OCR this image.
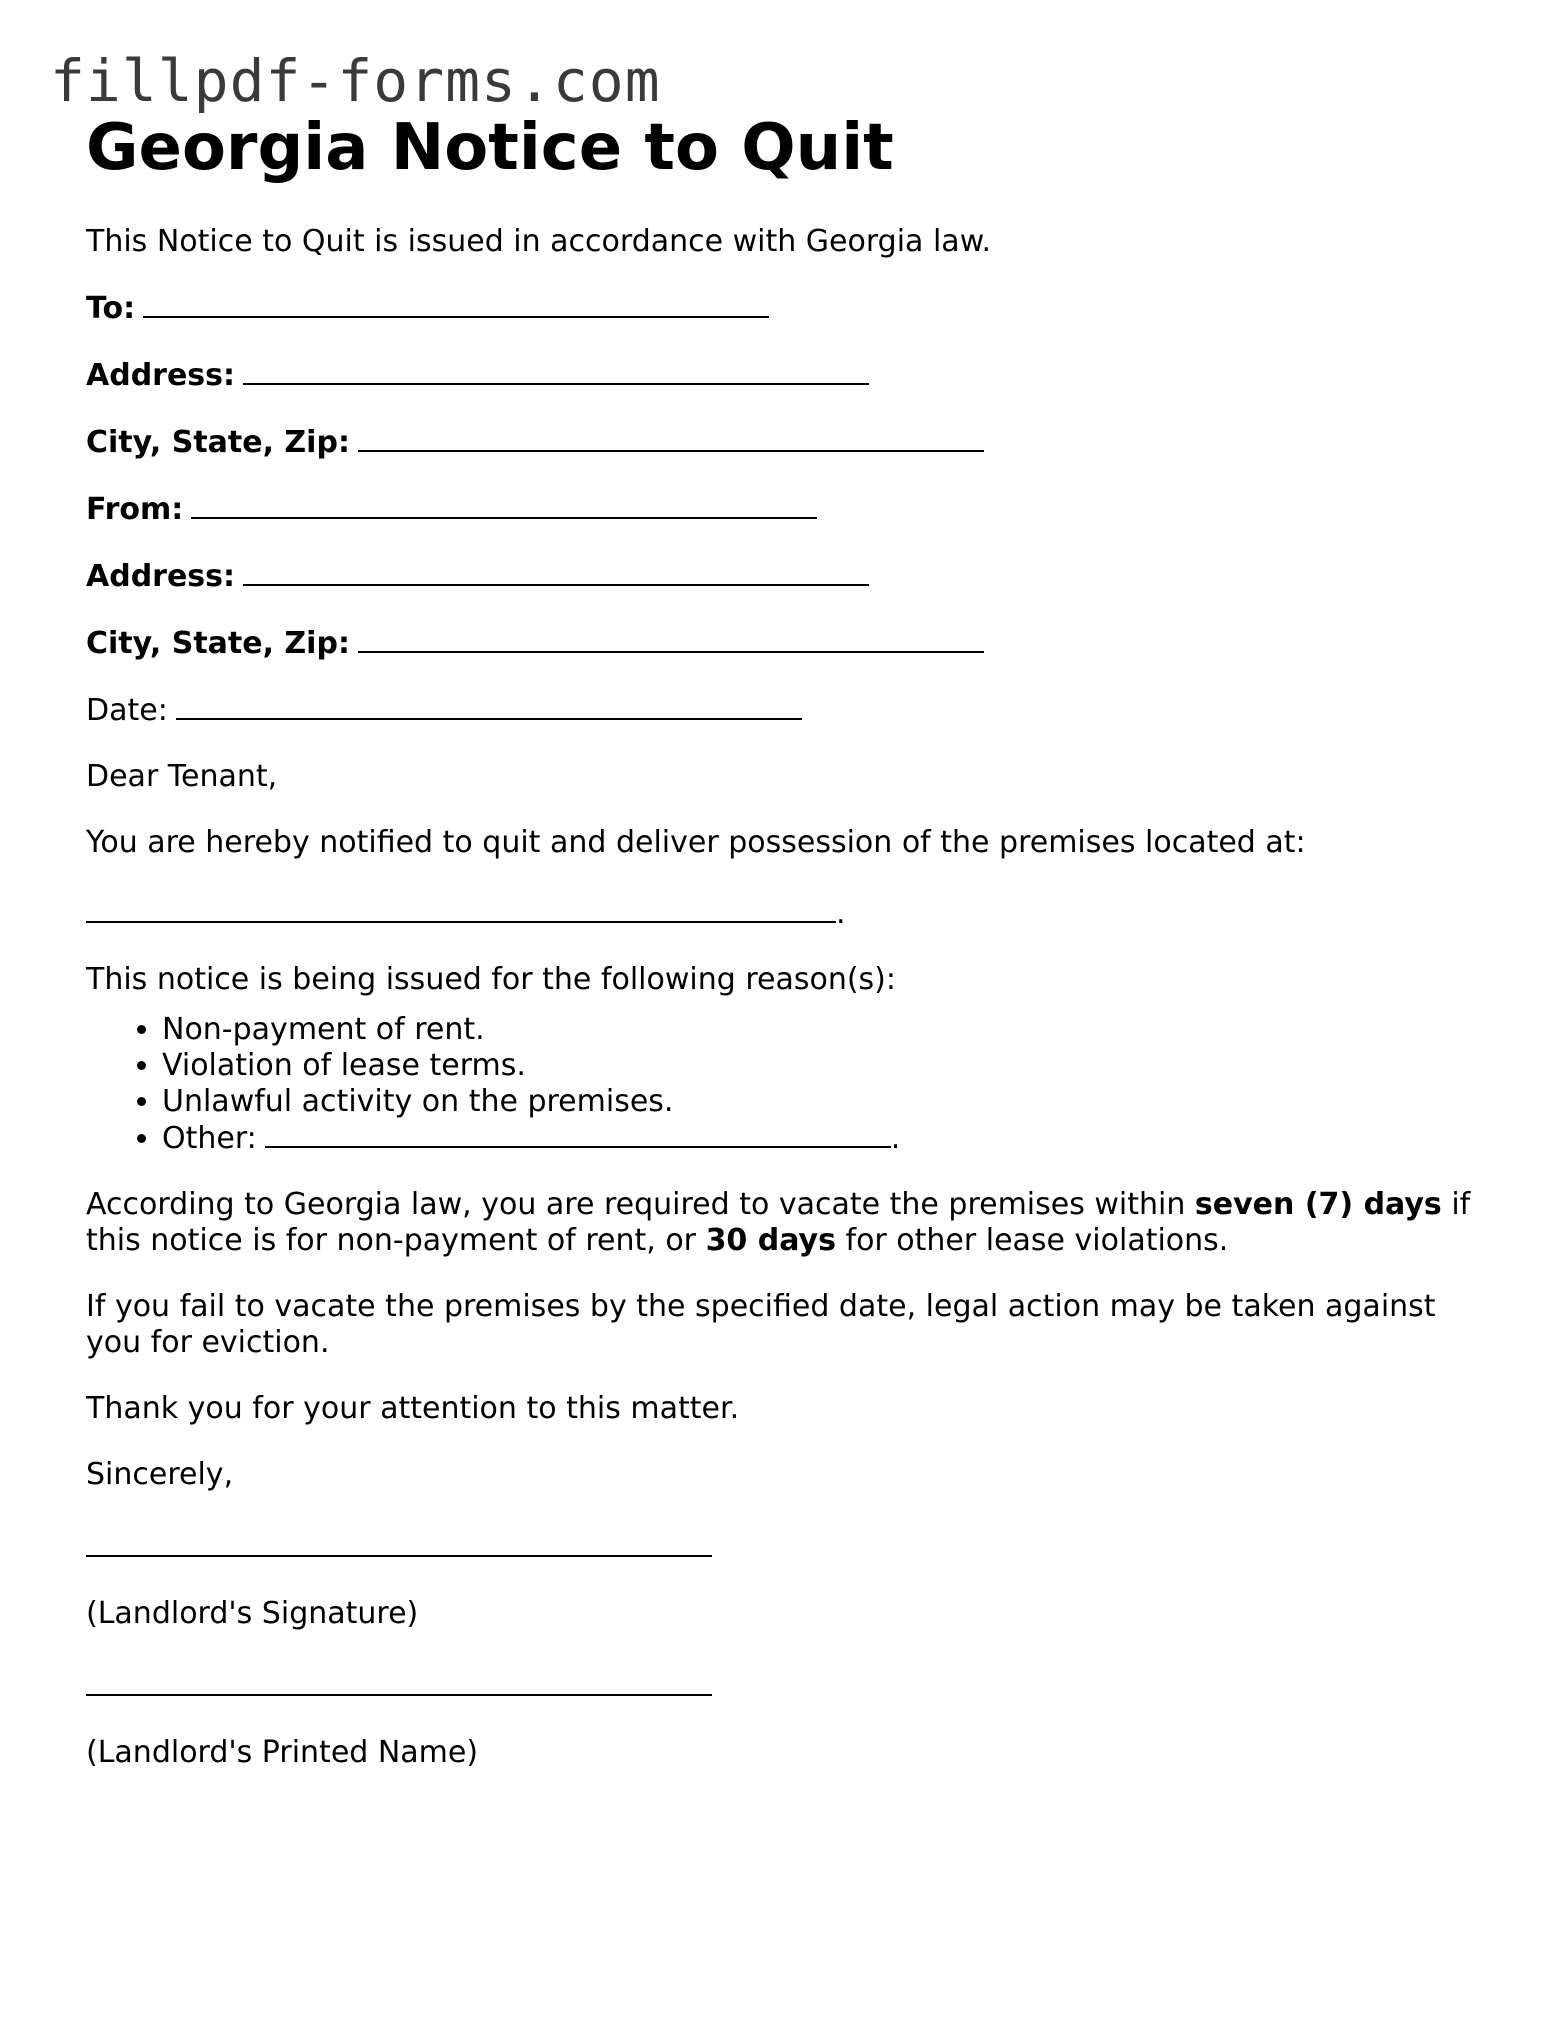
fillpdf-forms.com
Georgia Notice to Quit

This Notice to Quit is issued in accordance with Georgia law.

To:

Address:

City, State, Zip:

From:

Address:

City, State, Zip:

Date:

Dear Tenant,

You are hereby notified to quit and deliver possession of the premises located at:

.

This notice is being issued for the following reason(s):

• Non-payment of rent.
• Violation of lease terms.
• Unlawful activity on the premises.
• Other:	.

According to Georgia law, you are required to vacate the premises within seven (7) days if this notice is for non-payment of rent, or 30 days for other lease violations.

If you fail to vacate the premises by the specified date, legal action may be taken against you for eviction.

Thank you for your attention to this matter.

Sincerely,

(Landlord's Signature)

(Landlord's Printed Name)
